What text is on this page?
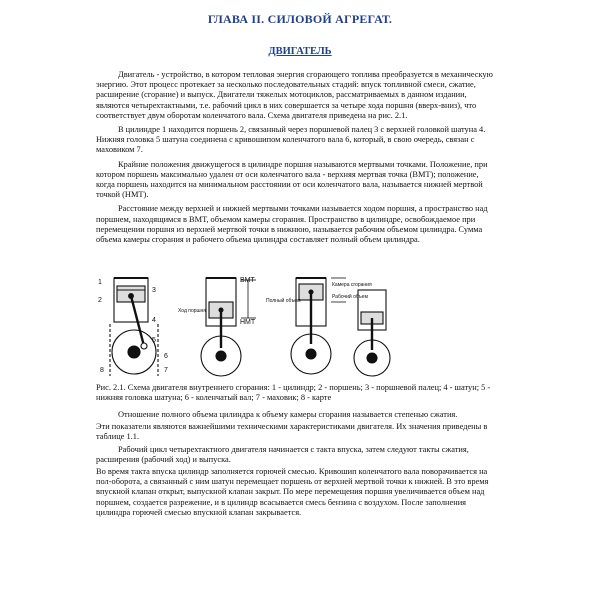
ГЛАВА II. СИЛОВОЙ АГРЕГАТ.
ДВИГАТЕЛЬ

Двигатель - устройство, в котором тепловая энергия сгорающего топлива преобразуется в механическую энергию. Этот процесс протекает за несколько последовательных стадий: впуск топливной смеси, сжатие, расширение (сгорание) и выпуск. Двигатели тяжелых мотоциклов, рассматриваемых в данном издании, являются четырехтактными, т.е. рабочий цикл в них совершается за четыре хода поршня (вверх-вниз), что соответствует двум оборотам коленчатого вала. Схема двигателя приведена на рис. 2.1.

В цилиндре 1 находится поршень 2, связанный через поршневой палец 3 с верхней головкой шатуна 4. Нижняя головка 5 шатуна соединена с кривошипом коленчатого вала 6, который, в свою очередь, связан с маховиком 7.

Крайние положения движущегося в цилиндре поршня называются мертвыми точками. Положение, при котором поршень максимально удален от оси коленчатого вала - верхняя мертвая точка (ВМТ); положение, когда поршень находится на минимальном расстоянии от оси коленчатого вала, называется нижней мертвой точкой (НМТ).

Расстояние между верхней и нижней мертвыми точками называется ходом поршня, а пространство над поршнем, находящимся в ВМТ, объемом камеры сгорания. Пространство в цилиндре, освобождаемое при перемещении поршня из верхней мертвой точки в нижнюю, называется рабочим объемом цилиндра. Сумма объема камеры сгорания и рабочего объема цилиндра составляет полный объем цилиндра.

1
2
3
4
5
6
7
8
ВМТ
НМТ
Ход поршня
Камера сгорания
Рабочий объем
Полный объем
Рис. 2.1. Схема двигателя внутреннего сгорания: 1 - цилиндр; 2 - поршень; 3 - поршневой палец; 4 - шатун; 5 - нижняя головка шатуна; 6 - коленчатый вал; 7 - маховик; 8 - карте

Отношение полного объема цилиндра к объему камеры сгорания называется степенью сжатия.

Эти показатели являются важнейшими техническими характеристиками двигателя. Их значения приведены в таблице 1.1.

Рабочий цикл четырехтактного двигателя начинается с такта впуска, затем следуют такты сжатия, расширения (рабочий ход) и выпуска.

Во время такта впуска цилиндр заполняется горючей смесью. Кривошип коленчатого вала поворачивается на пол-оборота, а связанный с ним шатун перемещает поршень от верхней мертвой точки к нижней. В это время впускной клапан открыт, выпускной клапан закрыт. По мере перемещения поршня увеличивается объем над поршнем, создается разрежение, и в цилиндр всасывается смесь бензина с воздухом. После заполнения цилиндра горючей смесью впускной клапан закрывается.
